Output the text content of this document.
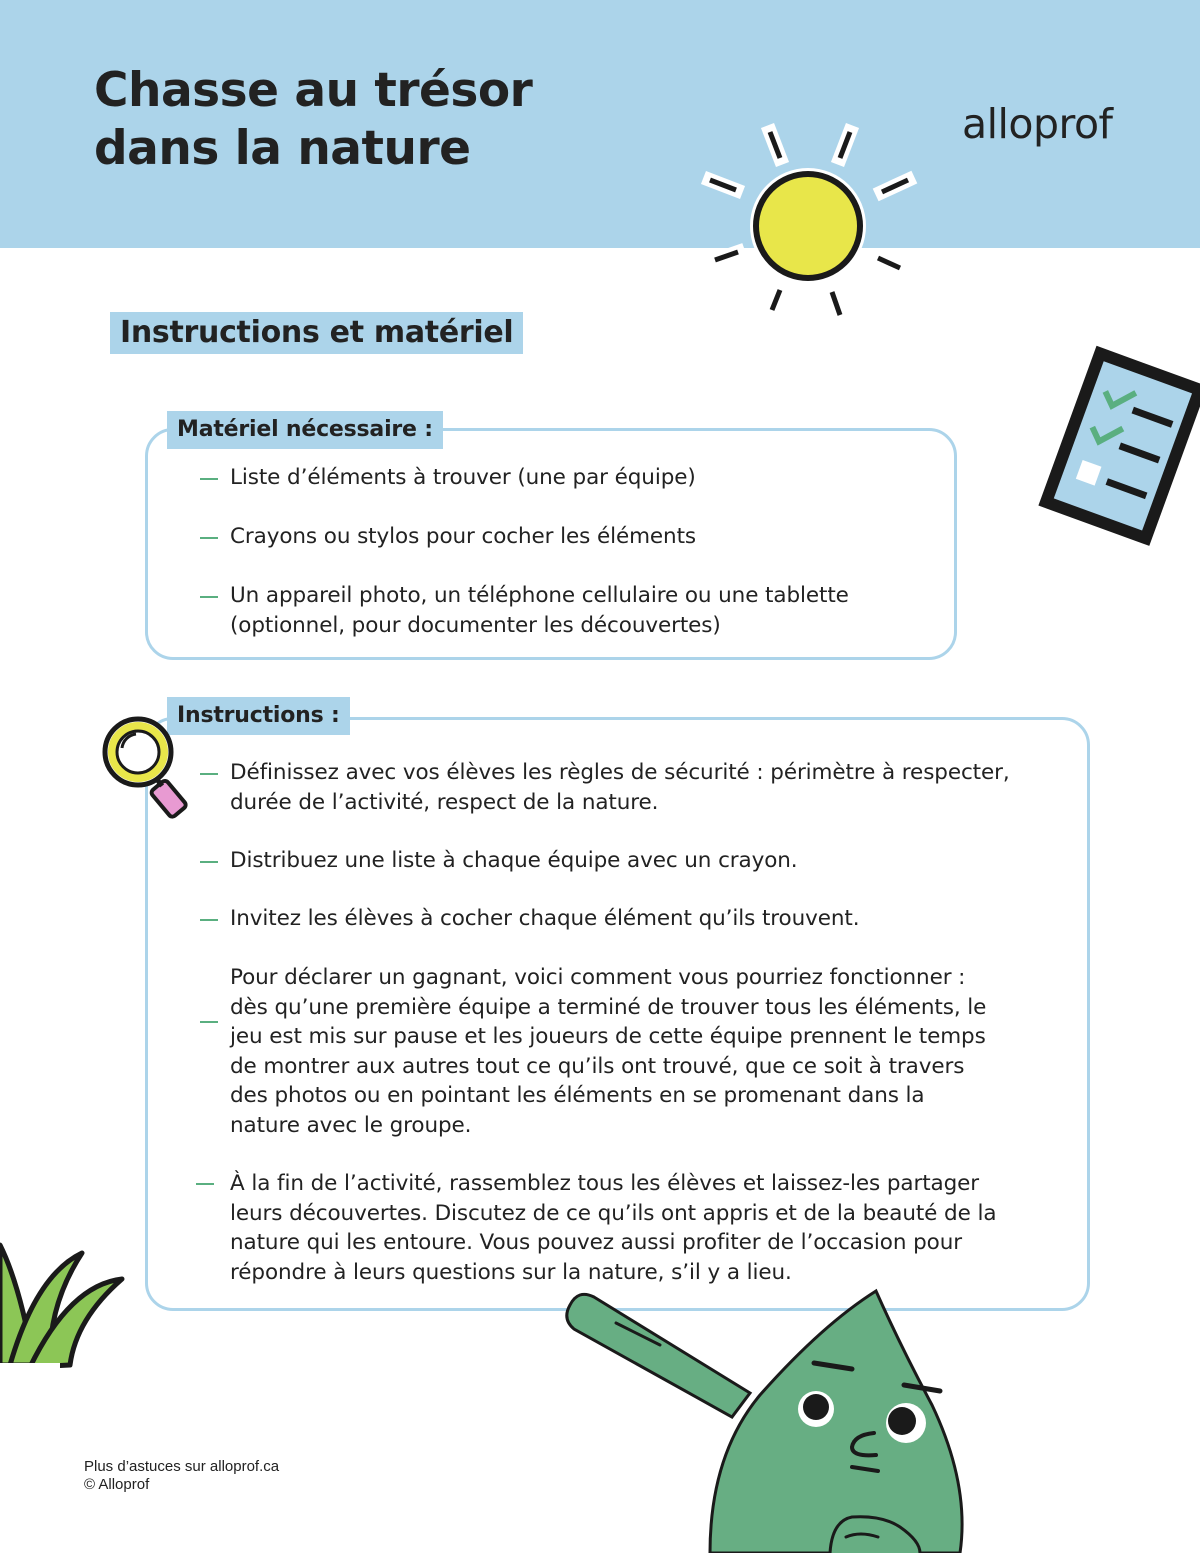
Chasse au trésor
dans la nature	alloprof
Instructions et matériel
Matériel nécessaire :
Liste d’éléments à trouver (une par équipe)
Crayons ou stylos pour cocher les éléments
Un appareil photo, un téléphone cellulaire ou une tablette
(optionnel, pour documenter les découvertes)
Instructions :
Définissez avec vos élèves les règles de sécurité : périmètre à respecter,
durée de l’activité, respect de la nature.
Distribuez une liste à chaque équipe avec un crayon.
Invitez les élèves à cocher chaque élément qu’ils trouvent.
Pour déclarer un gagnant, voici comment vous pourriez fonctionner :
dès qu’une première équipe a terminé de trouver tous les éléments, le
jeu est mis sur pause et les joueurs de cette équipe prennent le temps
de montrer aux autres tout ce qu’ils ont trouvé, que ce soit à travers
des photos ou en pointant les éléments en se promenant dans la
nature avec le groupe.
À la fin de l’activité, rassemblez tous les élèves et laissez-les partager
leurs découvertes. Discutez de ce qu’ils ont appris et de la beauté de la
nature qui les entoure. Vous pouvez aussi profiter de l’occasion pour
répondre à leurs questions sur la nature, s’il y a lieu.
Plus d’astuces sur alloprof.ca
© Alloprof
